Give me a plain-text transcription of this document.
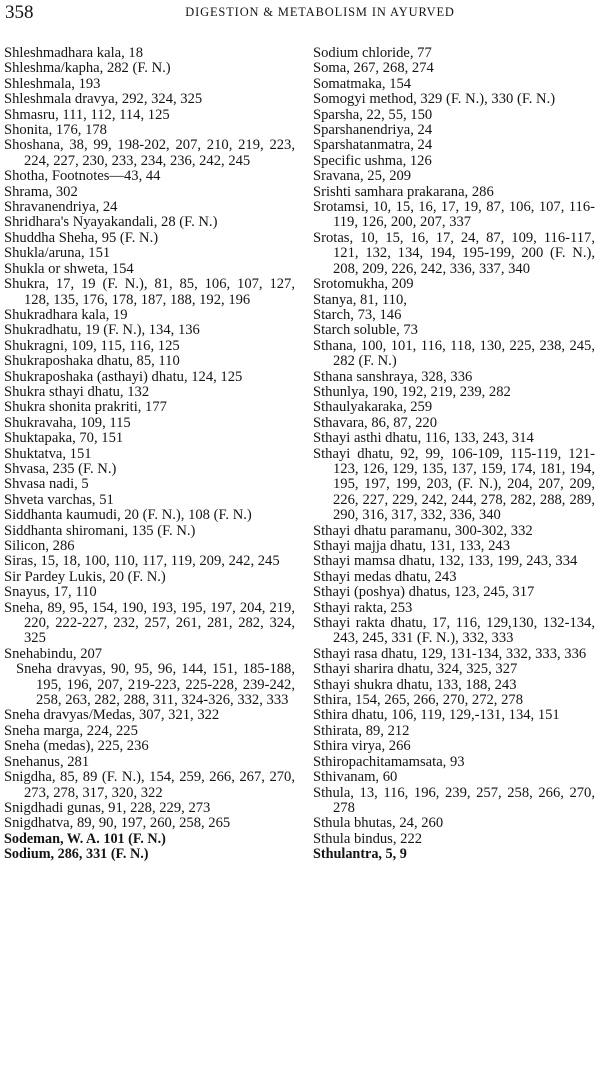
358	DIGESTION & METABOLISM IN AYURVED

Shleshmadhara kala, 18

Shleshma/kapha, 282 (F. N.)

Shleshmala, 193

Shleshmala dravya, 292, 324, 325

Shmasru, 111, 112, 114, 125

Shonita, 176, 178

Shoshana, 38, 99, 198-202, 207, 210, 219, 223, 224, 227, 230, 233, 234, 236, 242, 245

Shotha, Footnotes—43, 44

Shrama, 302

Shravanendriya, 24

Shridhara's Nyayakandali, 28 (F. N.)

Shuddha Sheha, 95 (F. N.)

Shukla/aruna, 151

Shukla or shweta, 154

Shukra, 17, 19 (F. N.), 81, 85, 106, 107, 127, 128, 135, 176, 178, 187, 188, 192, 196

Shukradhara kala, 19

Shukradhatu, 19 (F. N.), 134, 136

Shukragni, 109, 115, 116, 125

Shukraposhaka dhatu, 85, 110

Shukraposhaka (asthayi) dhatu, 124, 125

Shukra sthayi dhatu, 132

Shukra shonita prakriti, 177

Shukravaha, 109, 115

Shuktapaka, 70, 151

Shuktatva, 151

Shvasa, 235 (F. N.)

Shvasa nadi, 5

Shveta varchas, 51

Siddhanta kaumudi, 20 (F. N.), 108 (F. N.)

Siddhanta shiromani, 135 (F. N.)

Silicon, 286

Siras, 15, 18, 100, 110, 117, 119, 209, 242, 245

Sir Pardey Lukis, 20 (F. N.)

Snayus, 17, 110

Sneha, 89, 95, 154, 190, 193, 195, 197, 204, 219, 220, 222-227, 232, 257, 261, 281, 282, 324, 325

Snehabindu, 207

Sneha dravyas, 90, 95, 96, 144, 151, 185-188, 195, 196, 207, 219-223, 225-228, 239-242, 258, 263, 282, 288, 311, 324-326, 332, 333

Sneha dravyas/Medas, 307, 321, 322

Sneha marga, 224, 225

Sneha (medas), 225, 236

Snehanus, 281

Snigdha, 85, 89 (F. N.), 154, 259, 266, 267, 270, 273, 278, 317, 320, 322

Snigdhadi gunas, 91, 228, 229, 273

Snigdhatva, 89, 90, 197, 260, 258, 265

Sodeman, W. A. 101 (F. N.)

Sodium, 286, 331 (F. N.)

Sodium chloride, 77

Soma, 267, 268, 274

Somatmaka, 154

Somogyi method, 329 (F. N.), 330 (F. N.)

Sparsha, 22, 55, 150

Sparshanendriya, 24

Sparshatanmatra, 24

Specific ushma, 126

Sravana, 25, 209

Srishti samhara prakarana, 286

Srotamsi, 10, 15, 16, 17, 19, 87, 106, 107, 116-119, 126, 200, 207, 337

Srotas, 10, 15, 16, 17, 24, 87, 109, 116-117, 121, 132, 134, 194, 195-199, 200 (F. N.), 208, 209, 226, 242, 336, 337, 340

Srotomukha, 209

Stanya, 81, 110,

Starch, 73, 146

Starch soluble, 73

Sthana, 100, 101, 116, 118, 130, 225, 238, 245, 282 (F. N.)

Sthana sanshraya, 328, 336

Sthunlya, 190, 192, 219, 239, 282

Sthaulyakaraka, 259

Sthavara, 86, 87, 220

Sthayi asthi dhatu, 116, 133, 243, 314

Sthayi dhatu, 92, 99, 106-109, 115-119, 121-123, 126, 129, 135, 137, 159, 174, 181, 194, 195, 197, 199, 203, (F. N.), 204, 207, 209, 226, 227, 229, 242, 244, 278, 282, 288, 289, 290, 316, 317, 332, 336, 340

Sthayi dhatu paramanu, 300-302, 332

Sthayi majja dhatu, 131, 133, 243

Sthayi mamsa dhatu, 132, 133, 199, 243, 334

Sthayi medas dhatu, 243

Sthayi (poshya) dhatus, 123, 245, 317

Sthayi rakta, 253

Sthayi rakta dhatu, 17, 116, 129,130, 132-134, 243, 245, 331 (F. N.), 332, 333

Sthayi rasa dhatu, 129, 131-134, 332, 333, 336

Sthayi sharira dhatu, 324, 325, 327

Sthayi shukra dhatu, 133, 188, 243

Sthira, 154, 265, 266, 270, 272, 278

Sthira dhatu, 106, 119, 129,-131, 134, 151

Sthirata, 89, 212

Sthira virya, 266

Sthiropachitamamsata, 93

Sthivanam, 60

Sthula, 13, 116, 196, 239, 257, 258, 266, 270, 278

Sthula bhutas, 24, 260

Sthula bindus, 222

Sthulantra, 5, 9
